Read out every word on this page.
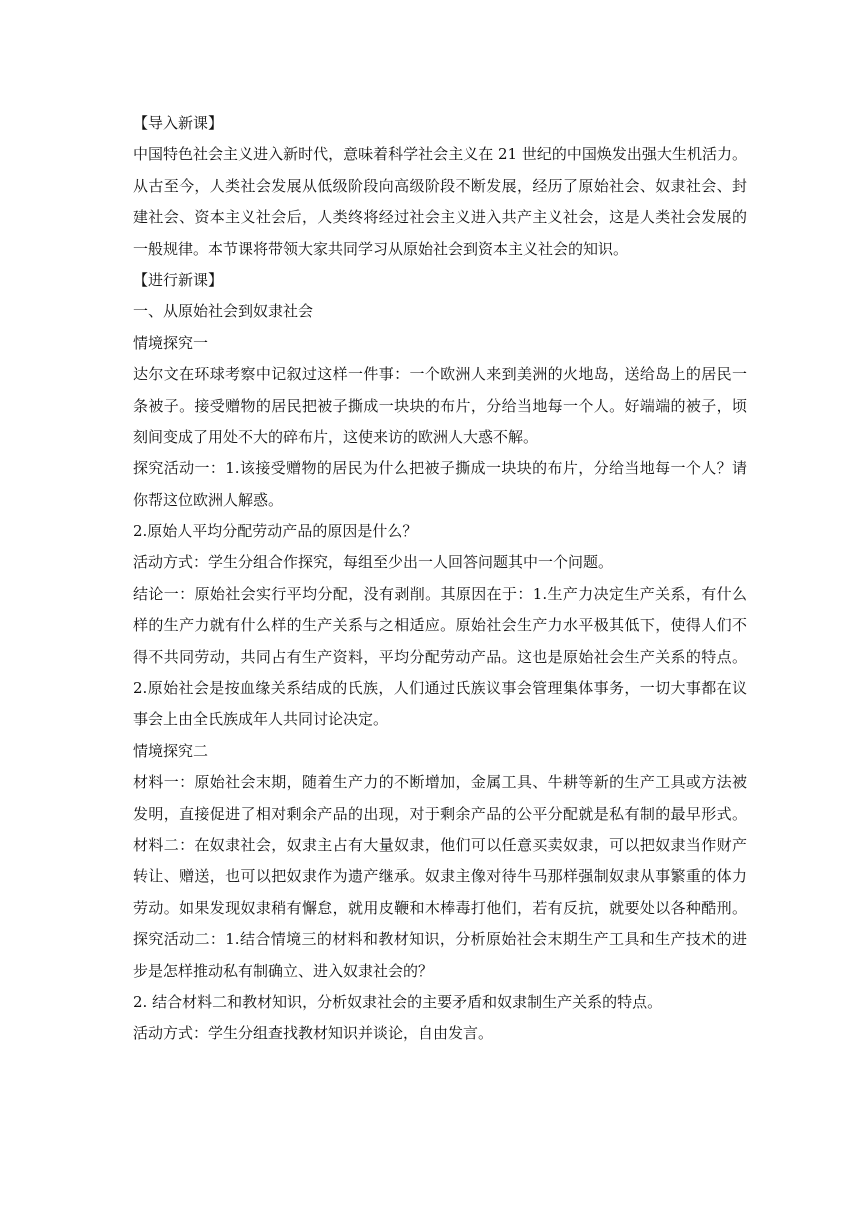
【导入新课】
中国特色社会主义进入新时代，意味着科学社会主义在 21 世纪的中国焕发出强大生机活力。
从古至今，人类社会发展从低级阶段向高级阶段不断发展，经历了原始社会、奴隶社会、封
建社会、资本主义社会后，人类终将经过社会主义进入共产主义社会，这是人类社会发展的
一般规律。本节课将带领大家共同学习从原始社会到资本主义社会的知识。
【进行新课】
一、从原始社会到奴隶社会
情境探究一
达尔文在环球考察中记叙过这样一件事：一个欧洲人来到美洲的火地岛，送给岛上的居民一
条被子。接受赠物的居民把被子撕成一块块的布片，分给当地每一个人。好端端的被子，顷
刻间变成了用处不大的碎布片，这使来访的欧洲人大惑不解。
探究活动一：1.该接受赠物的居民为什么把被子撕成一块块的布片，分给当地每一个人？请
你帮这位欧洲人解惑。
2.原始人平均分配劳动产品的原因是什么？
活动方式：学生分组合作探究，每组至少出一人回答问题其中一个问题。
结论一：原始社会实行平均分配，没有剥削。其原因在于：1.生产力决定生产关系，有什么
样的生产力就有什么样的生产关系与之相适应。原始社会生产力水平极其低下，使得人们不
得不共同劳动，共同占有生产资料，平均分配劳动产品。这也是原始社会生产关系的特点。
2.原始社会是按血缘关系结成的氏族，人们通过氏族议事会管理集体事务，一切大事都在议
事会上由全氏族成年人共同讨论决定。
情境探究二
材料一：原始社会末期，随着生产力的不断增加，金属工具、牛耕等新的生产工具或方法被
发明，直接促进了相对剩余产品的出现，对于剩余产品的公平分配就是私有制的最早形式。
材料二：在奴隶社会，奴隶主占有大量奴隶，他们可以任意买卖奴隶，可以把奴隶当作财产
转让、赠送，也可以把奴隶作为遗产继承。奴隶主像对待牛马那样强制奴隶从事繁重的体力
劳动。如果发现奴隶稍有懈怠，就用皮鞭和木棒毒打他们，若有反抗，就要处以各种酷刑。
探究活动二：1.结合情境三的材料和教材知识，分析原始社会末期生产工具和生产技术的进
步是怎样推动私有制确立、进入奴隶社会的？
2. 结合材料二和教材知识，分析奴隶社会的主要矛盾和奴隶制生产关系的特点。
活动方式：学生分组查找教材知识并谈论，自由发言。
